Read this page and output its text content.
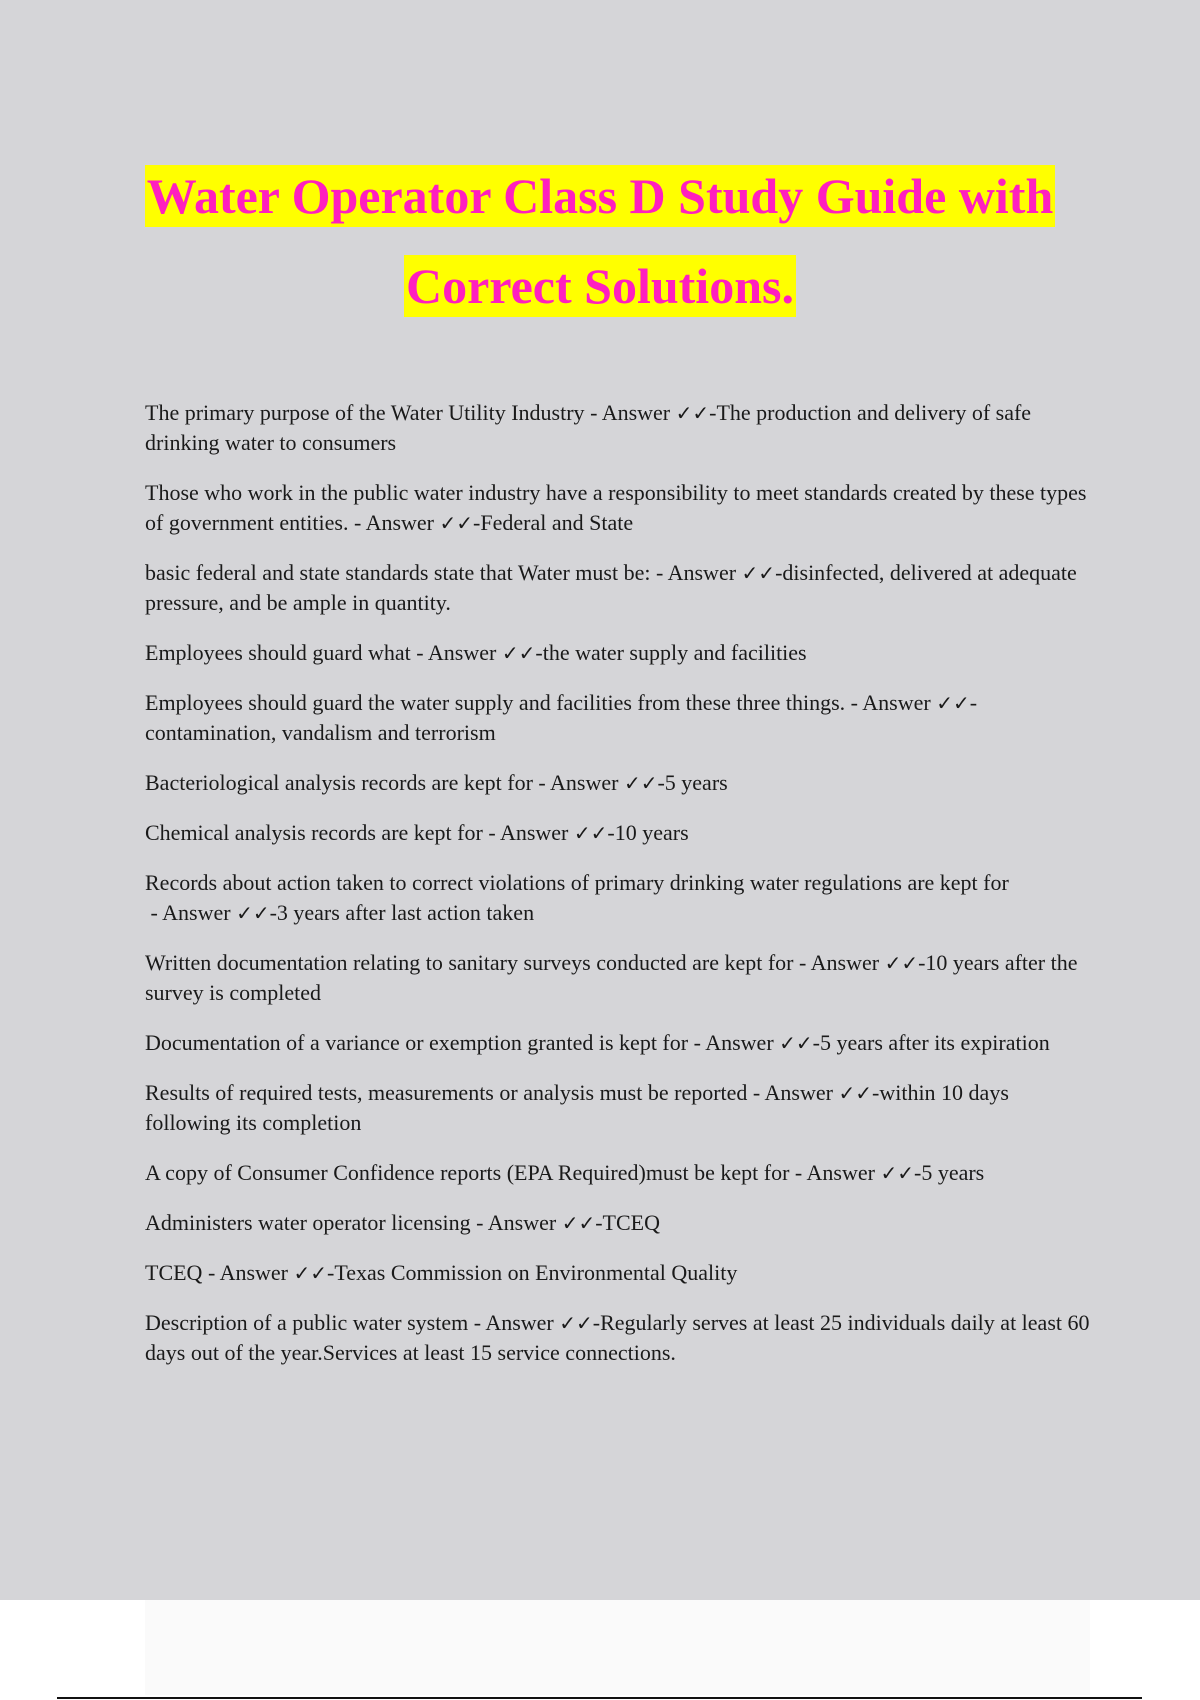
Water Operator Class D Study Guide with
Correct Solutions.

The primary purpose of the Water Utility Industry - Answer ✓✓-The production and delivery of safe drinking water to consumers

Those who work in the public water industry have a responsibility to meet standards created by these types of government entities. - Answer ✓✓-Federal and State

basic federal and state standards state that Water must be: - Answer ✓✓-disinfected, delivered at adequate pressure, and be ample in quantity.

Employees should guard what - Answer ✓✓-the water supply and facilities

Employees should guard the water supply and facilities from these three things. - Answer ✓✓-contamination, vandalism and terrorism

Bacteriological analysis records are kept for - Answer ✓✓-5 years

Chemical analysis records are kept for - Answer ✓✓-10 years

Records about action taken to correct violations of primary drinking water regulations are kept for - Answer ✓✓-3 years after last action taken

Written documentation relating to sanitary surveys conducted are kept for - Answer ✓✓-10 years after the survey is completed

Documentation of a variance or exemption granted is kept for - Answer ✓✓-5 years after its expiration

Results of required tests, measurements or analysis must be reported - Answer ✓✓-within 10 days following its completion

A copy of Consumer Confidence reports (EPA Required)must be kept for - Answer ✓✓-5 years

Administers water operator licensing - Answer ✓✓-TCEQ

TCEQ - Answer ✓✓-Texas Commission on Environmental Quality

Description of a public water system - Answer ✓✓-Regularly serves at least 25 individuals daily at least 60 days out of the year.Services at least 15 service connections.
